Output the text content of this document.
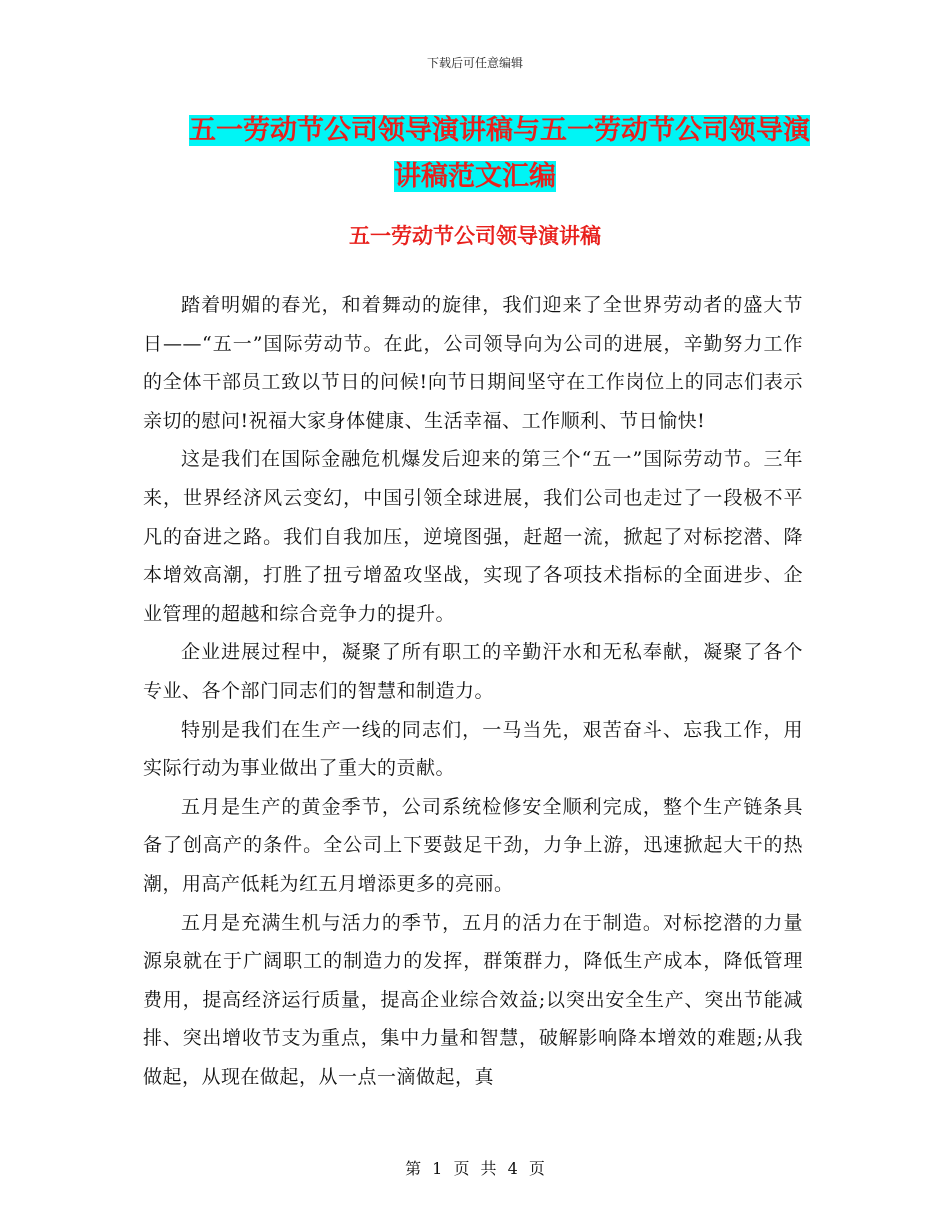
下载后可任意编辑
五一劳动节公司领导演讲稿与五一劳动节公司领导演
讲稿范文汇编
五一劳动节公司领导演讲稿

踏着明媚的春光，和着舞动的旋律，我们迎来了全世界劳动者的盛大节日——“五一”国际劳动节。在此，公司领导向为公司的进展，辛勤努力工作的全体干部员工致以节日的问候!向节日期间坚守在工作岗位上的同志们表示亲切的慰问!祝福大家身体健康、生活幸福、工作顺利、节日愉快!

这是我们在国际金融危机爆发后迎来的第三个“五一”国际劳动节。三年来，世界经济风云变幻，中国引领全球进展，我们公司也走过了一段极不平凡的奋进之路。我们自我加压，逆境图强，赶超一流，掀起了对标挖潜、降本增效高潮，打胜了扭亏增盈攻坚战，实现了各项技术指标的全面进步、企业管理的超越和综合竞争力的提升。

企业进展过程中，凝聚了所有职工的辛勤汗水和无私奉献，凝聚了各个专业、各个部门同志们的智慧和制造力。

特别是我们在生产一线的同志们，一马当先，艰苦奋斗、忘我工作，用实际行动为事业做出了重大的贡献。

五月是生产的黄金季节，公司系统检修安全顺利完成，整个生产链条具备了创高产的条件。全公司上下要鼓足干劲，力争上游，迅速掀起大干的热潮，用高产低耗为红五月增添更多的亮丽。

五月是充满生机与活力的季节，五月的活力在于制造。对标挖潜的力量源泉就在于广阔职工的制造力的发挥，群策群力，降低生产成本，降低管理费用，提高经济运行质量，提高企业综合效益;以突出安全生产、突出节能减排、突出增收节支为重点，集中力量和智慧，破解影响降本增效的难题;从我做起，从现在做起，从一点一滴做起，真

第 1 页 共 4 页
